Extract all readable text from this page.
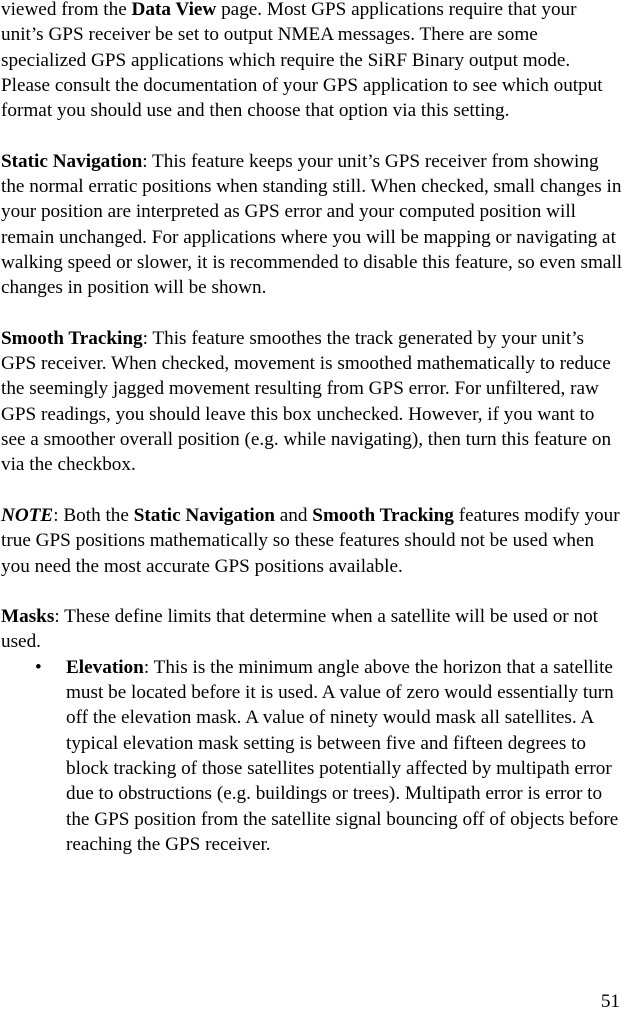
viewed from the Data View page. Most GPS applications require that your unit’s GPS receiver be set to output NMEA messages. There are some specialized GPS applications which require the SiRF Binary output mode. Please consult the documentation of your GPS application to see which output format you should use and then choose that option via this setting.

Static Navigation: This feature keeps your unit’s GPS receiver from showing the normal erratic positions when standing still. When checked, small changes in your position are interpreted as GPS error and your computed position will remain unchanged. For applications where you will be mapping or navigating at walking speed or slower, it is recommended to disable this feature, so even small changes in position will be shown.

Smooth Tracking: This feature smoothes the track generated by your unit’s GPS receiver. When checked, movement is smoothed mathematically to reduce the seemingly jagged movement resulting from GPS error. For unfiltered, raw GPS readings, you should leave this box unchecked. However, if you want to see a smoother overall position (e.g. while navigating), then turn this feature on via the checkbox.

NOTE: Both the Static Navigation and Smooth Tracking features modify your true GPS positions mathematically so these features should not be used when you need the most accurate GPS positions available.

Masks: These define limits that determine when a satellite will be used or not used.

• Elevation: This is the minimum angle above the horizon that a satellite must be located before it is used. A value of zero would essentially turn off the elevation mask. A value of ninety would mask all satellites. A typical elevation mask setting is between five and fifteen degrees to block tracking of those satellites potentially affected by multipath error due to obstructions (e.g. buildings or trees). Multipath error is error to the GPS position from the satellite signal bouncing off of objects before reaching the GPS receiver.
51
